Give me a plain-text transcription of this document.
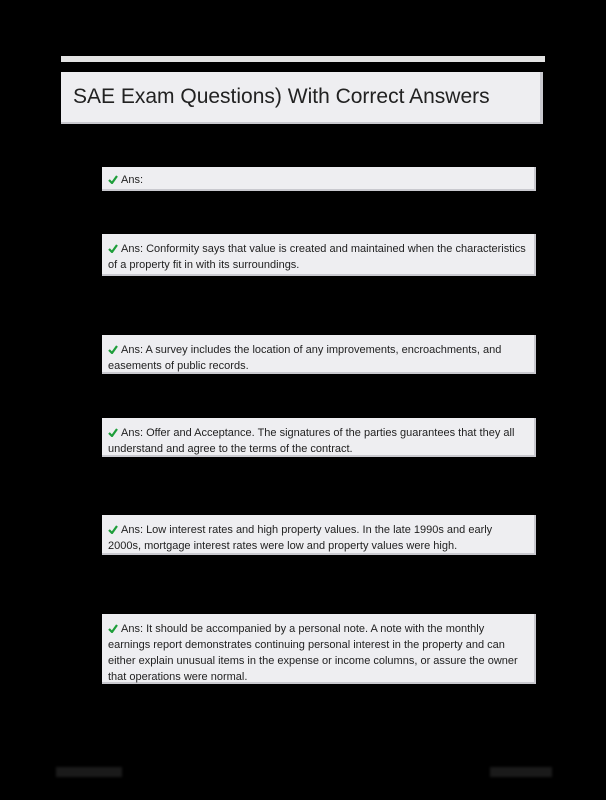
SAE Exam Questions) With Correct Answers
Ans:
Ans: Conformity says that value is created and maintained when the characteristics of a property fit in with its surroundings.
Ans: A survey includes the location of any improvements, encroachments, and easements of public records.
Ans: Offer and Acceptance. The signatures of the parties guarantees that they all understand and agree to the terms of the contract.
Ans: Low interest rates and high property values. In the late 1990s and early 2000s, mortgage interest rates were low and property values were high.
Ans: It should be accompanied by a personal note. A note with the monthly earnings report demonstrates continuing personal interest in the property and can either explain unusual items in the expense or income columns, or assure the owner that operations were normal.
